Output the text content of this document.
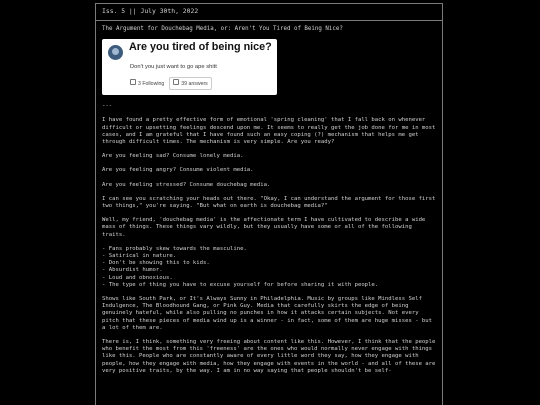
Iss. 5 || July 30th, 2022

The Argument for Douchebag Media, or: Aren't You Tired of Being Nice?

Are you tired of being nice?
Don't you just want to go ape shitt
3 Following	39 answers

---

I have found a pretty effective form of emotional 'spring cleaning' that I fall back on whenever difficult or upsetting feelings descend upon me. It seems to really get the job done for me in most cases, and I am grateful that I have found such an easy coping (?) mechanism that helps me get through difficult times. The mechanism is very simple. Are you ready?

Are you feeling sad? Consume lonely media.

Are you feeling angry? Consume violent media.

Are you feeling stressed? Consume douchebag media.

I can see you scratching your heads out there. "Okay, I can understand the argument for those first two things," you're saying. "But what on earth is douchebag media?"

Well, my friend, 'douchebag media' is the affectionate term I have cultivated to describe a wide mass of things. These things vary wildly, but they usually have some or all of the following traits.

- Fans probably skew towards the masculine.
- Satirical in nature.
- Don't be showing this to kids.
- Absurdist humor.
- Loud and obnoxious.
- The type of thing you have to excuse yourself for before sharing it with people.

Shows like South Park, or It's Always Sunny in Philadelphia. Music by groups like Mindless Self Indulgence, The Bloodhound Gang, or Pink Guy. Media that carefully skirts the edge of being genuinely hateful, while also pulling no punches in how it attacks certain subjects. Not every pitch that these pieces of media wind up is a winner - in fact, some of them are huge misses - but a lot of them are.

There is, I think, something very freeing about content like this. However, I think that the people who benefit the most from this 'freeness' are the ones who would normally never engage with things like this. People who are constantly aware of every little word they say, how they engage with people, how they engage with media, how they engage with events in the world - and all of these are very positive traits, by the way. I am in no way saying that people shouldn't be self-
